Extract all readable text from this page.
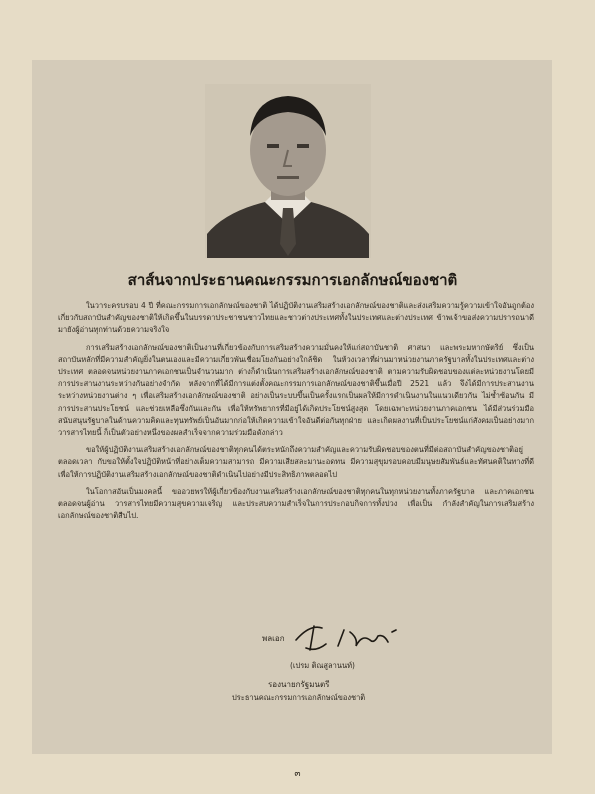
สาส์นจากประธานคณะกรรมการเอกลักษณ์ของชาติ

ในวาระครบรอบ 4 ปี ที่คณะกรรมการเอกลักษณ์ของชาติ ได้ปฏิบัติงานเสริมสร้างเอกลักษณ์ของชาติและส่งเสริมความรู้ความเข้าใจอันถูกต้องเกี่ยวกับสถาบันสำคัญของชาติให้เกิดขึ้นในบรรดาประชาชนชาวไทยและชาวต่างประเทศทั้งในประเทศและต่างประเทศ ข้าพเจ้าขอส่งความปรารถนาดีมายังผู้อ่านทุกท่านด้วยความจริงใจ

การเสริมสร้างเอกลักษณ์ของชาติเป็นงานที่เกี่ยวข้องกับการเสริมสร้างความมั่นคงให้แก่สถาบันชาติ ศาสนา และพระมหากษัตริย์ ซึ่งเป็นสถาบันหลักที่มีความสำคัญยิ่งในตนเองและมีความเกี่ยวพันเชื่อมโยงกันอย่างใกล้ชิด ในห้วงเวลาที่ผ่านมาหน่วยงานภาครัฐบาลทั้งในประเทศและต่างประเทศ ตลอดจนหน่วยงานภาคเอกชนเป็นจำนวนมาก ต่างก็ดำเนินการเสริมสร้างเอกลักษณ์ของชาติ ตามความรับผิดชอบของแต่ละหน่วยงานโดยมีการประสานงานระหว่างกันอย่างจำกัด หลังจากที่ได้มีการแต่งตั้งคณะกรรมการเอกลักษณ์ของชาติขึ้นเมื่อปี 2521 แล้ว จึงได้มีการประสานงานระหว่างหน่วยงานต่าง ๆ เพื่อเสริมสร้างเอกลักษณ์ของชาติ อย่างเป็นระบบขึ้นเป็นครั้งแรกเป็นผลให้มีการดำเนินงานในแนวเดียวกัน ไม่ซ้ำซ้อนกัน มีการประสานประโยชน์ และช่วยเหลือซึ่งกันและกัน เพื่อให้ทรัพยากรที่มีอยู่ได้เกิดประโยชน์สูงสุด โดยเฉพาะหน่วยงานภาคเอกชน ได้มีส่วนร่วมมือสนับสนุนรัฐบาลในด้านความคิดและทุนทรัพย์เป็นอันมากก่อให้เกิดความเข้าใจอันดีต่อกันทุกฝ่าย และเกิดผลงานที่เป็นประโยชน์แก่สังคมเป็นอย่างมาก วารสารไทยนี้ ก็เป็นตัวอย่างหนึ่งของผลสำเร็จจากความร่วมมือดังกล่าว

ขอให้ผู้ปฏิบัติงานเสริมสร้างเอกลักษณ์ของชาติทุกคนได้ตระหนักถึงความสำคัญและความรับผิดชอบของตนที่มีต่อสถาบันสำคัญของชาติอยู่ตลอดเวลา กับขอให้ตั้งใจปฏิบัติหน้าที่อย่างเต็มความสามารถ มีความเสียสละมานะอดทน มีความสุขุมรอบคอบมีมนุษยสัมพันธ์และทัศนคติในทางที่ดี เพื่อให้การปฏิบัติงานเสริมสร้างเอกลักษณ์ของชาติดำเนินไปอย่างมีประสิทธิภาพตลอดไป

ในโอกาสอันเป็นมงคลนี้ ขออวยพรให้ผู้เกี่ยวข้องกับงานเสริมสร้างเอกลักษณ์ของชาติทุกคนในทุกหน่วยงานทั้งภาครัฐบาล และภาคเอกชนตลอดจนผู้อ่าน วารสารไทยมีความสุขความเจริญ และประสบความสำเร็จในการประกอบกิจการทั้งปวง เพื่อเป็น กำลังสำคัญในการเสริมสร้างเอกลักษณ์ของชาติสืบไป.

พลเอก
(เปรม ติณสูลานนท์)
รองนายกรัฐมนตรี
ประธานคณะกรรมการเอกลักษณ์ของชาติ
๓
